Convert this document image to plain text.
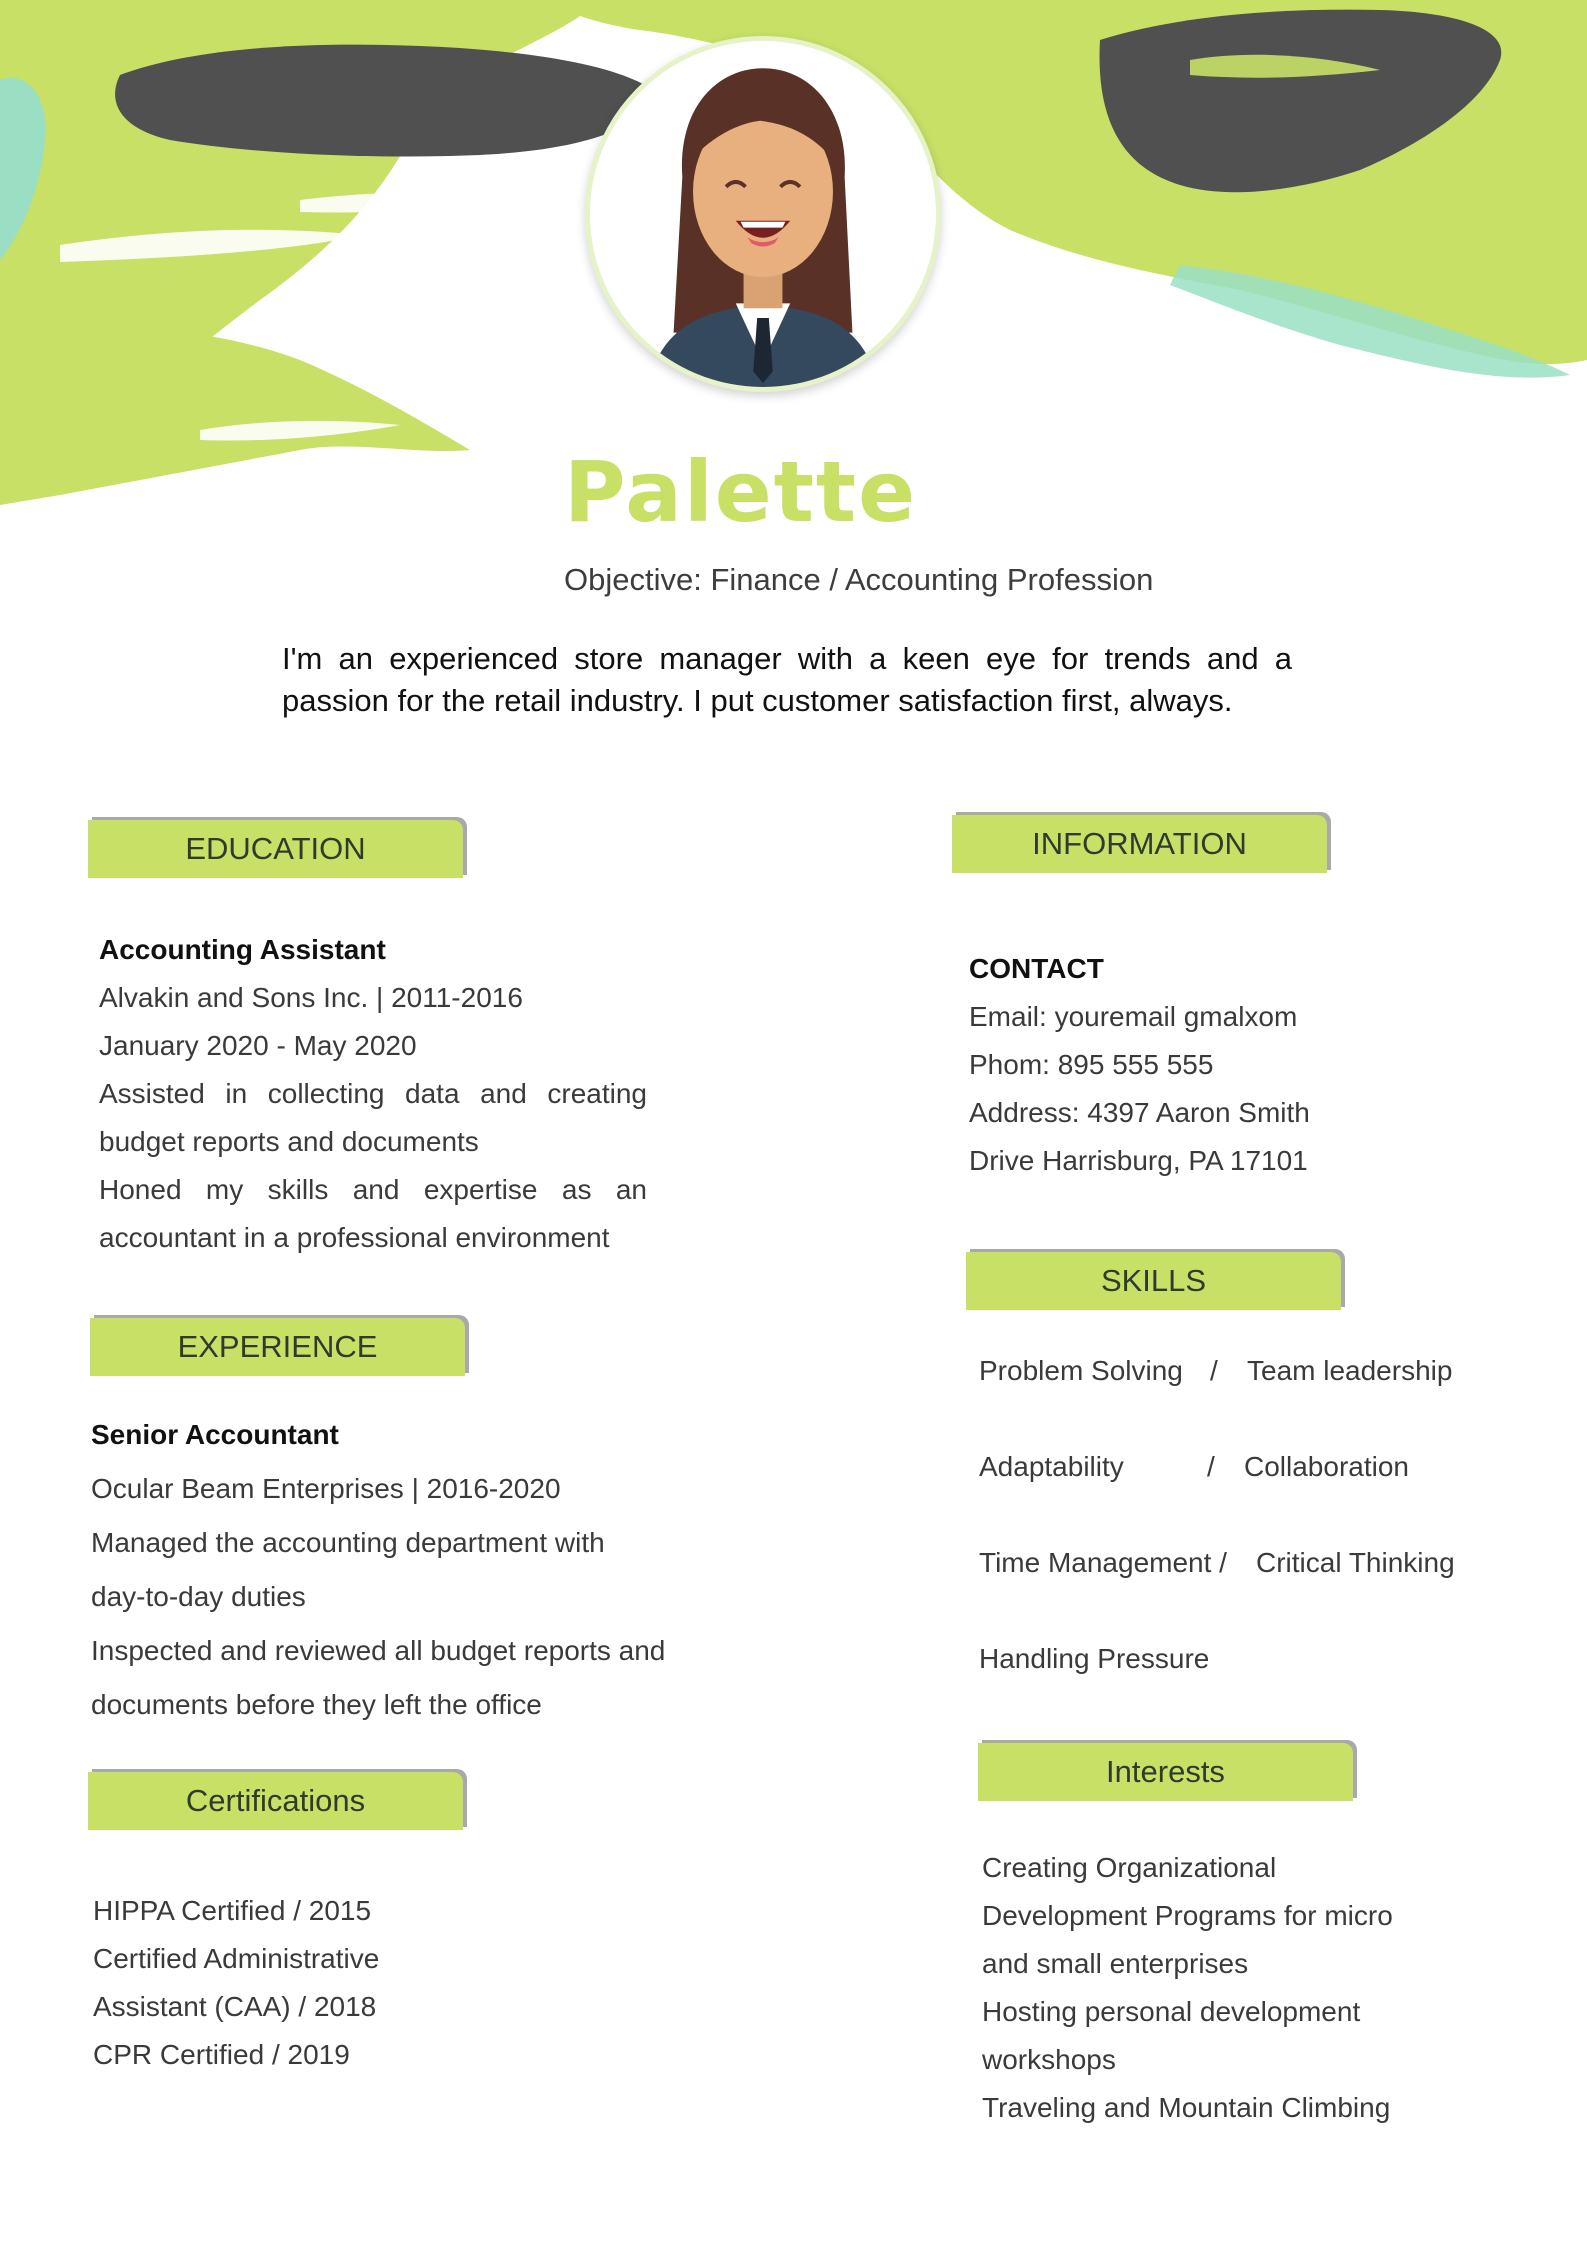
Palette
Objective: Finance / Accounting Profession

I'm an experienced store manager with a keen eye for trends and a passion for the retail industry. I put customer satisfaction first, always.

EDUCATION
Accounting Assistant
Alvakin and Sons Inc. | 2011-2016
January 2020 - May 2020
Assisted in collecting data and creating budget reports and documents
Honed my skills and expertise as an accountant in a professional environment
EXPERIENCE
Senior Accountant
Ocular Beam Enterprises | 2016-2020
Managed the accounting department with
day-to-day duties
Inspected and reviewed all budget reports and
documents before they left the office
Certifications
HIPPA Certified / 2015
Certified Administrative
Assistant (CAA) / 2018
CPR Certified / 2019
INFORMATION
CONTACT
Email: youremail gmalxom
Phom: 895 555 555
Address: 4397 Aaron Smith
Drive Harrisburg, PA 17101
SKILLS
Problem Solving / Team leadership
Adaptability	/ Collaboration
Time Management / Critical Thinking
Handling Pressure
Interests
Creating Organizational
Development Programs for micro
and small enterprises
Hosting personal development
workshops
Traveling and Mountain Climbing
